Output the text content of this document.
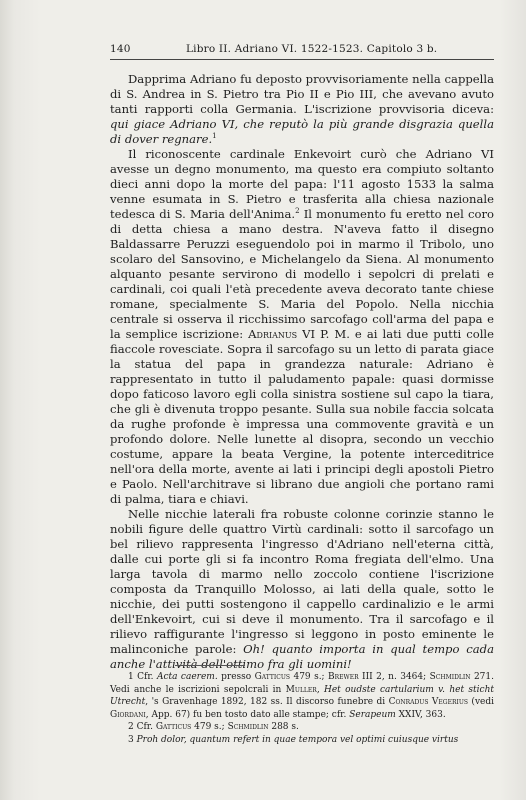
140	Libro II. Adriano VI. 1522-1523. Capitolo 3 b.

Dapprima Adriano fu deposto provvisoriamente nella cappella di S. Andrea in S. Pietro tra Pio II e Pio III, che avevano avuto tanti rapporti colla Germania. L'iscrizione provvisoria diceva: qui giace Adriano VI, che reputò la più grande disgrazia quella di dover regnare.$^1$

Il riconoscente cardinale Enkevoirt curò che Adriano VI avesse un degno monumento, ma questo era compiuto soltanto dieci anni dopo la morte del papa: l'11 agosto 1533 la salma venne esumata in S. Pietro e trasferita alla chiesa nazionale tedesca di S. Maria dell'Anima.$^2$ Il monumento fu eretto nel coro di detta chiesa a mano destra. N'aveva fatto il disegno Baldassarre Peruzzi eseguendolo poi in marmo il Tribolo, uno scolaro del Sansovino, e Michelangelo da Siena. Al monumento alquanto pesante servirono di modello i sepolcri di prelati e cardinali, coi quali l'età precedente aveva decorato tante chiese romane, specialmente S. Maria del Popolo. Nella nicchia centrale si osserva il ricchissimo sarcofago coll'arma del papa e la semplice iscrizione: Adrianus VI P. M. e ai lati due putti colle fiaccole rovesciate. Sopra il sarcofago su un letto di parata giace la statua del papa in grandezza naturale: Adriano è rappresentato in tutto il paludamento papale: quasi dormisse dopo faticoso lavoro egli colla sinistra sostiene sul capo la tiara, che gli è divenuta troppo pesante. Sulla sua nobile faccia solcata da rughe profonde è impressa una commovente gravità e un profondo dolore. Nelle lunette al disopra, secondo un vecchio costume, appare la beata Vergine, la potente interceditrice nell'ora della morte, avente ai lati i principi degli apostoli Pietro e Paolo. Nell'architrave si librano due angioli che portano rami di palma, tiara e chiavi.

Nelle nicchie laterali fra robuste colonne corinzie stanno le nobili figure delle quattro Virtù cardinali: sotto il sarcofago un bel rilievo rappresenta l'ingresso d'Adriano nell'eterna città, dalle cui porte gli si fa incontro Roma fregiata dell'elmo. Una larga tavola di marmo nello zoccolo contiene l'iscrizione composta da Tranquillo Molosso, ai lati della quale, sotto le nicchie, dei putti sostengono il cappello cardinalizio e le armi dell'Enkevoirt, cui si deve il monumento. Tra il sarcofago e il rilievo raffigurante l'ingresso si leggono in posto eminente le malinconiche parole: Oh! quanto importa in qual tempo cada anche l'attività dell'ottimo fra gli uomini!

1 Cfr. Acta caerem. presso Gatticus 479 s.; Brewer III 2, n. 3464; Schmidlin 271. Vedi anche le iscrizioni sepolcrali in Muller, Het oudste cartularium v. het sticht Utrecht, 's Gravenhage 1892, 182 ss. Il discorso funebre di Conradus Vegerius (vedi Giordani, App. 67) fu ben tosto dato alle stampe; cfr. Serapeum XXIV, 363.

2 Cfr. Gatticus 479 s.; Schmidlin 288 s.

3 Proh dolor, quantum refert in quae tempora vel optimi cuiusque virtus
